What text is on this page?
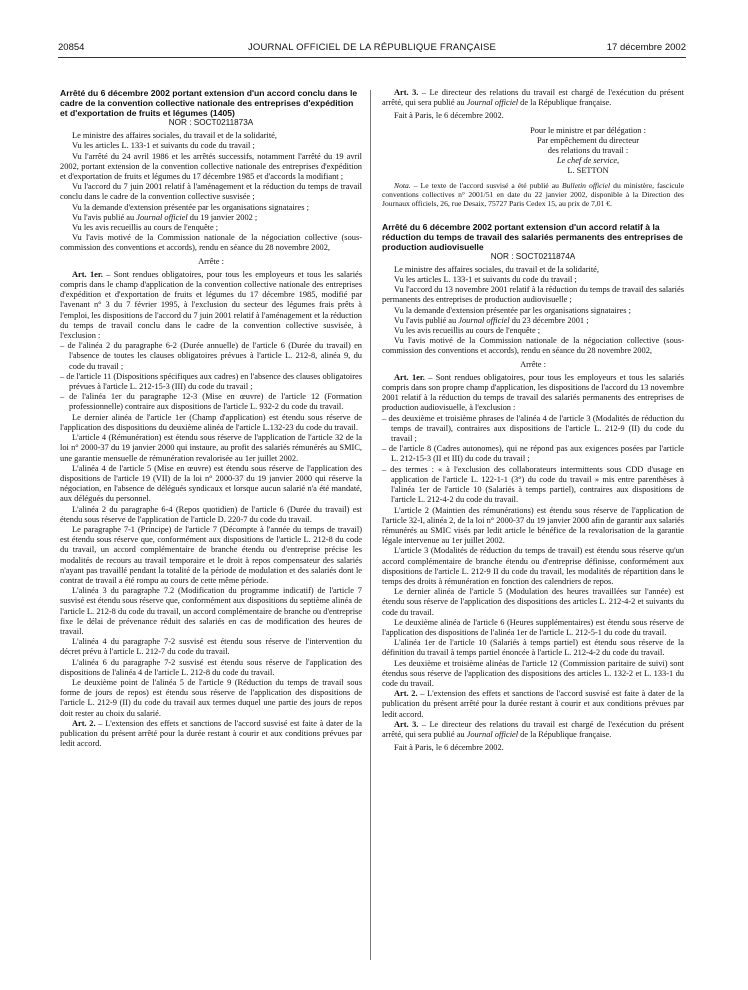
20854	JOURNAL OFFICIEL DE LA RÉPUBLIQUE FRANÇAISE	17 décembre 2002

Arrêté du 6 décembre 2002 portant extension d'un accord conclu dans le cadre de la convention collective nationale des entreprises d'expédition et d'exportation de fruits et légumes (1405)

NOR : SOCT0211873A

Le ministre des affaires sociales, du travail et de la solidarité,

Vu les articles L. 133-1 et suivants du code du travail ;

Vu l'arrêté du 24 avril 1986 et les arrêtés successifs, notamment l'arrêté du 19 avril 2002, portant extension de la convention collective nationale des entreprises d'expédition et d'exportation de fruits et légumes du 17 décembre 1985 et d'accords la modifiant ;

Vu l'accord du 7 juin 2001 relatif à l'aménagement et la réduction du temps de travail conclu dans le cadre de la convention collective susvisée ;

Vu la demande d'extension présentée par les organisations signataires ;

Vu l'avis publié au Journal officiel du 19 janvier 2002 ;

Vu les avis recueillis au cours de l'enquête ;

Vu l'avis motivé de la Commission nationale de la négociation collective (sous-commission des conventions et accords), rendu en séance du 28 novembre 2002,

Arrête :

Art. 1er. – Sont rendues obligatoires, pour tous les employeurs et tous les salariés compris dans le champ d'application de la convention collective nationale des entreprises d'expédition et d'exportation de fruits et légumes du 17 décembre 1985, modifié par l'avenant n° 3 du 7 février 1995, à l'exclusion du secteur des légumes frais prêts à l'emploi, les dispositions de l'accord du 7 juin 2001 relatif à l'aménagement et la réduction du temps de travail conclu dans le cadre de la convention collective susvisée, à l'exclusion :

– de l'alinéa 2 du paragraphe 6-2 (Durée annuelle) de l'article 6 (Durée du travail) en l'absence de toutes les clauses obligatoires prévues à l'article L. 212-8, alinéa 9, du code du travail ;

– de l'article 11 (Dispositions spécifiques aux cadres) en l'absence des clauses obligatoires prévues à l'article L. 212-15-3 (III) du code du travail ;

– de l'alinéa 1er du paragraphe 12-3 (Mise en œuvre) de l'article 12 (Formation professionnelle) contraire aux dispositions de l'article L. 932-2 du code du travail.

Le dernier alinéa de l'article 1er (Champ d'application) est étendu sous réserve de l'application des dispositions du deuxième alinéa de l'article L.132-23 du code du travail.

L'article 4 (Rémunération) est étendu sous réserve de l'application de l'article 32 de la loi n° 2000-37 du 19 janvier 2000 qui instaure, au profit des salariés rémunérés au SMIC, une garantie mensuelle de rémunération revalorisée au 1er juillet 2002.

L'alinéa 4 de l'article 5 (Mise en œuvre) est étendu sous réserve de l'application des dispositions de l'article 19 (VII) de la loi n° 2000-37 du 19 janvier 2000 qui réserve la négociation, en l'absence de délégués syndicaux et lorsque aucun salarié n'a été mandaté, aux délégués du personnel.

L'alinéa 2 du paragraphe 6-4 (Repos quotidien) de l'article 6 (Durée du travail) est étendu sous réserve de l'application de l'article D. 220-7 du code du travail.

Le paragraphe 7-1 (Principe) de l'article 7 (Décompte à l'année du temps de travail) est étendu sous réserve que, conformément aux dispositions de l'article L. 212-8 du code du travail, un accord complémentaire de branche étendu ou d'entreprise précise les modalités de recours au travail temporaire et le droit à repos compensateur des salariés n'ayant pas travaillé pendant la totalité de la période de modulation et des salariés dont le contrat de travail a été rompu au cours de cette même période.

L'alinéa 3 du paragraphe 7.2 (Modification du programme indicatif) de l'article 7 susvisé est étendu sous réserve que, conformément aux dispositions du septième alinéa de l'article L. 212-8 du code du travail, un accord complémentaire de branche ou d'entreprise fixe le délai de prévenance réduit des salariés en cas de modification des heures de travail.

L'alinéa 4 du paragraphe 7-2 susvisé est étendu sous réserve de l'intervention du décret prévu à l'article L. 212-7 du code du travail.

L'alinéa 6 du paragraphe 7-2 susvisé est étendu sous réserve de l'application des dispositions de l'alinéa 4 de l'article L. 212-8 du code du travail.

Le deuxième point de l'alinéa 5 de l'article 9 (Réduction du temps de travail sous forme de jours de repos) est étendu sous réserve de l'application des dispositions de l'article L. 212-9 (II) du code du travail aux termes duquel une partie des jours de repos doit rester au choix du salarié.

Art. 2. – L'extension des effets et sanctions de l'accord susvisé est faite à dater de la publication du présent arrêté pour la durée restant à courir et aux conditions prévues par ledit accord.

Art. 3. – Le directeur des relations du travail est chargé de l'exécution du présent arrêté, qui sera publié au Journal officiel de la République française.

Fait à Paris, le 6 décembre 2002.

Pour le ministre et par délégation :
Par empêchement du directeur
des relations du travail :
Le chef de service,
L. SETTON

Nota. – Le texte de l'accord susvisé a été publié au Bulletin officiel du ministère, fascicule conventions collectives n° 2001/51 en date du 22 janvier 2002, disponible à la Direction des Journaux officiels, 26, rue Desaix, 75727 Paris Cedex 15, au prix de 7,01 €.

Arrêté du 6 décembre 2002 portant extension d'un accord relatif à la réduction du temps de travail des salariés permanents des entreprises de production audiovisuelle

NOR : SOCT0211874A

Le ministre des affaires sociales, du travail et de la solidarité,

Vu les articles L. 133-1 et suivants du code du travail ;

Vu l'accord du 13 novembre 2001 relatif à la réduction du temps de travail des salariés permanents des entreprises de production audiovisuelle ;

Vu la demande d'extension présentée par les organisations signataires ;

Vu l'avis publié au Journal officiel du 23 décembre 2001 ;

Vu les avis recueillis au cours de l'enquête ;

Vu l'avis motivé de la Commission nationale de la négociation collective (sous-commission des conventions et accords), rendu en séance du 28 novembre 2002,

Arrête :

Art. 1er. – Sont rendues obligatoires, pour tous les employeurs et tous les salariés compris dans son propre champ d'application, les dispositions de l'accord du 13 novembre 2001 relatif à la réduction du temps de travail des salariés permanents des entreprises de production audiovisuelle, à l'exclusion :

– des deuxième et troisième phrases de l'alinéa 4 de l'article 3 (Modalités de réduction du temps de travail), contraires aux dispositions de l'article L. 212-9 (II) du code du travail ;

– de l'article 8 (Cadres autonomes), qui ne répond pas aux exigences posées par l'article L. 212-15-3 (II et III) du code du travail ;

– des termes : « à l'exclusion des collaborateurs intermittents sous CDD d'usage en application de l'article L. 122-1-1 (3°) du code du travail » mis entre parenthèses à l'alinéa 1er de l'article 10 (Salariés à temps partiel), contraires aux dispositions de l'article L. 212-4-2 du code du travail.

L'article 2 (Maintien des rémunérations) est étendu sous réserve de l'application de l'article 32-I, alinéa 2, de la loi n° 2000-37 du 19 janvier 2000 afin de garantir aux salariés rémunérés au SMIC visés par ledit article le bénéfice de la revalorisation de la garantie légale intervenue au 1er juillet 2002.

L'article 3 (Modalités de réduction du temps de travail) est étendu sous réserve qu'un accord complémentaire de branche étendu ou d'entreprise définisse, conformément aux dispositions de l'article L. 212-9 II du code du travail, les modalités de répartition dans le temps des droits à rémunération en fonction des calendriers de repos.

Le dernier alinéa de l'article 5 (Modulation des heures travaillées sur l'année) est étendu sous réserve de l'application des dispositions des articles L. 212-4-2 et suivants du code du travail.

Le deuxième alinéa de l'article 6 (Heures supplémentaires) est étendu sous réserve de l'application des dispositions de l'alinéa 1er de l'article L. 212-5-1 du code du travail.

L'alinéa 1er de l'article 10 (Salariés à temps partiel) est étendu sous réserve de la définition du travail à temps partiel énoncée à l'article L. 212-4-2 du code du travail.

Les deuxième et troisième alinéas de l'article 12 (Commission paritaire de suivi) sont étendus sous réserve de l'application des dispositions des articles L. 132-2 et L. 133-1 du code du travail.

Art. 2. – L'extension des effets et sanctions de l'accord susvisé est faite à dater de la publication du présent arrêté pour la durée restant à courir et aux conditions prévues par ledit accord.

Art. 3. – Le directeur des relations du travail est chargé de l'exécution du présent arrêté, qui sera publié au Journal officiel de la République française.

Fait à Paris, le 6 décembre 2002.
